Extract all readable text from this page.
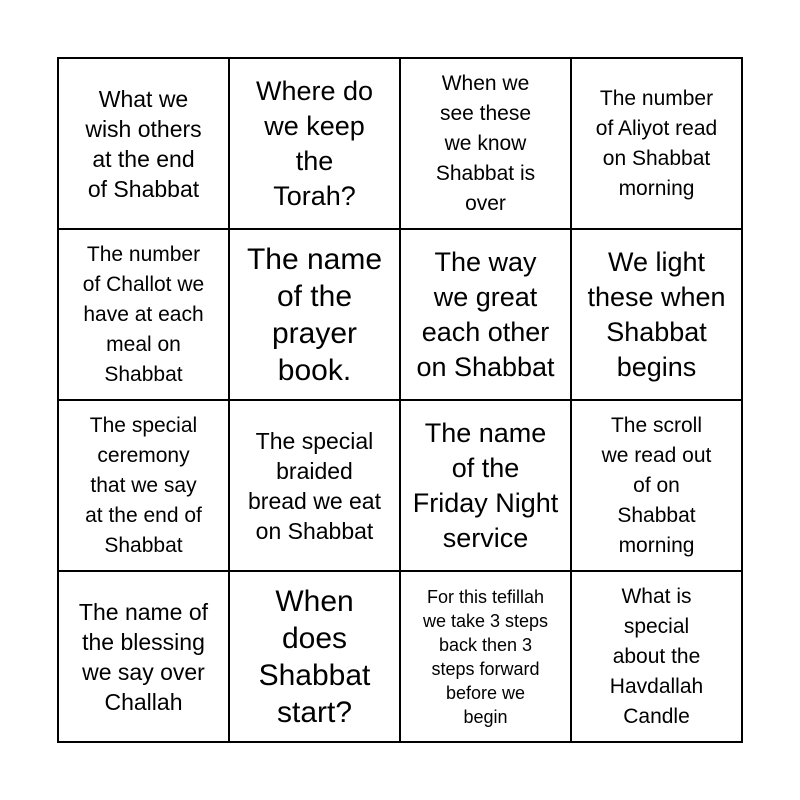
What we
wish others
at the end
of Shabbat
Where do
we keep
the
Torah?
When we
see these
we know
Shabbat is
over
The number
of Aliyot read
on Shabbat
morning
The number
of Challot we
have at each
meal on
Shabbat
The name
of the
prayer
book.
The way
we great
each other
on Shabbat
We light
these when
Shabbat
begins
The special
ceremony
that we say
at the end of
Shabbat
The special
braided
bread we eat
on Shabbat
The name
of the
Friday Night
service
The scroll
we read out
of on
Shabbat
morning
The name of
the blessing
we say over
Challah
When
does
Shabbat
start?
For this tefillah
we take 3 steps
back then 3
steps forward
before we
begin
What is
special
about the
Havdallah
Candle
